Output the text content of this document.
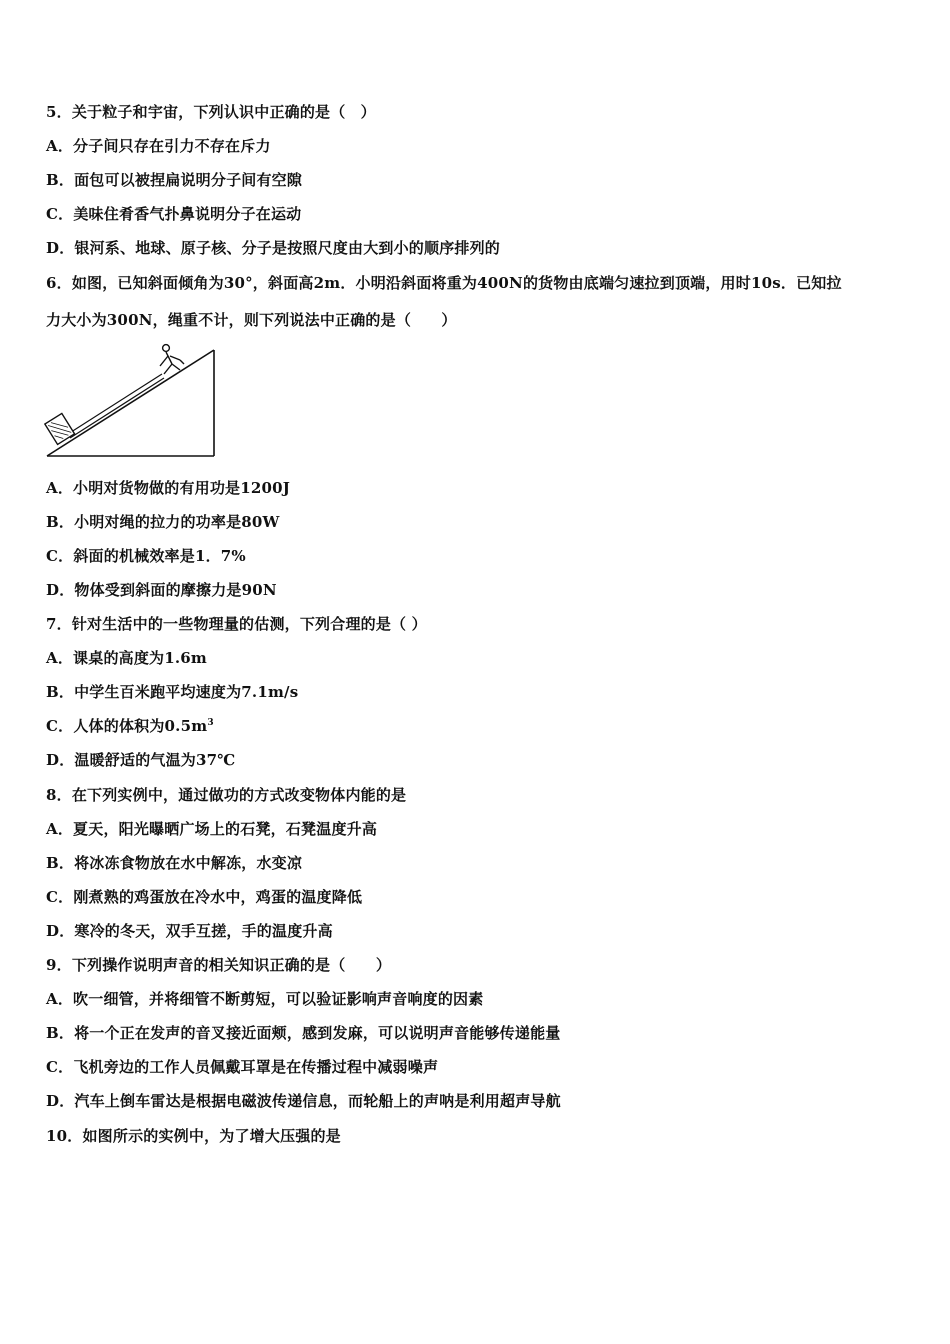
5．关于粒子和宇宙，下列认识中正确的是（　）
A．分子间只存在引力不存在斥力
B．面包可以被捏扁说明分子间有空隙
C．美味住肴香气扑鼻说明分子在运动
D．银河系、地球、原子核、分子是按照尺度由大到小的顺序排列的
6．如图，已知斜面倾角为30°，斜面高2m．小明沿斜面将重为400N的货物由底端匀速拉到顶端，用时10s．已知拉
力大小为300N，绳重不计，则下列说法中正确的是（　　）
A．小明对货物做的有用功是1200J
B．小明对绳的拉力的功率是80W
C．斜面的机械效率是1．7%
D．物体受到斜面的摩擦力是90N
7．针对生活中的一些物理量的估测，下列合理的是（ ）
A．课桌的高度为1.6m
B．中学生百米跑平均速度为7.1m/s
C．人体的体积为$0.5m^3$
D．温暖舒适的气温为37℃
8．在下列实例中，通过做功的方式改变物体内能的是
A．夏天，阳光曝晒广场上的石凳，石凳温度升高
B．将冰冻食物放在水中解冻，水变凉
C．刚煮熟的鸡蛋放在冷水中，鸡蛋的温度降低
D．寒冷的冬天，双手互搓，手的温度升高
9．下列操作说明声音的相关知识正确的是（　　）
A．吹一细管，并将细管不断剪短，可以验证影响声音响度的因素
B．将一个正在发声的音叉接近面颊，感到发麻，可以说明声音能够传递能量
C．飞机旁边的工作人员佩戴耳罩是在传播过程中减弱噪声
D．汽车上倒车雷达是根据电磁波传递信息，而轮船上的声呐是利用超声导航
10．如图所示的实例中，为了增大压强的是
